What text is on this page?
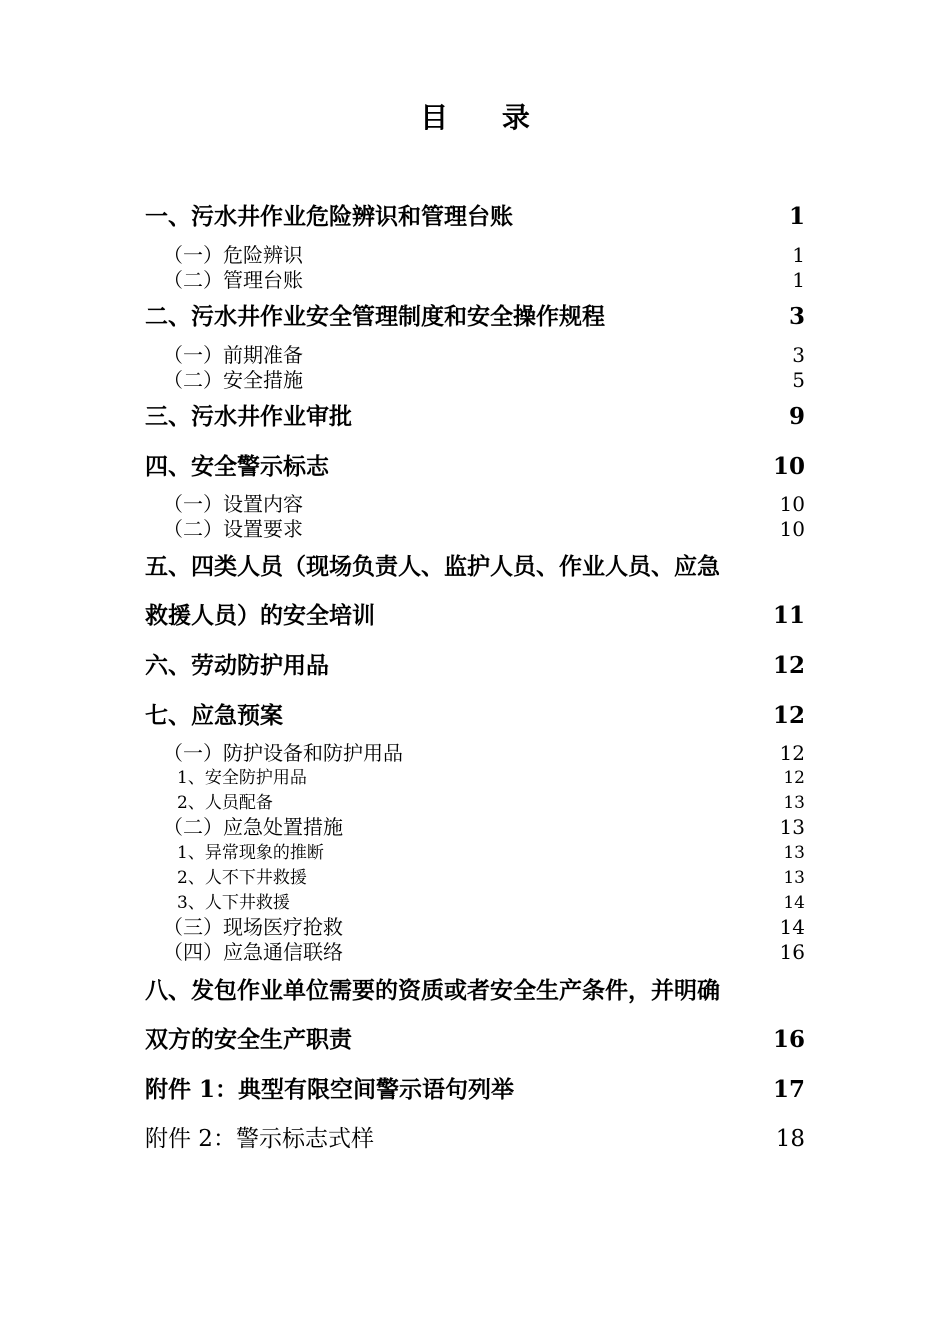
目 录
一、污水井作业危险辨识和管理台账	1
（一）危险辨识	1
（二）管理台账	1
二、污水井作业安全管理制度和安全操作规程	3
（一）前期准备	3
（二）安全措施	5
三、污水井作业审批	9
四、安全警示标志	10
（一）设置内容	10
（二）设置要求	10
五、四类人员（现场负责人、监护人员、作业人员、应急
救援人员）的安全培训	11
六、劳动防护用品	12
七、应急预案	12
（一）防护设备和防护用品	12
1、安全防护用品	12
2、人员配备	13
（二）应急处置措施	13
1、异常现象的推断	13
2、人不下井救援	13
3、人下井救援	14
（三）现场医疗抢救	14
（四）应急通信联络	16
八、发包作业单位需要的资质或者安全生产条件，并明确
双方的安全生产职责	16
附件 1：典型有限空间警示语句列举	17
附件 2：警示标志式样	18
